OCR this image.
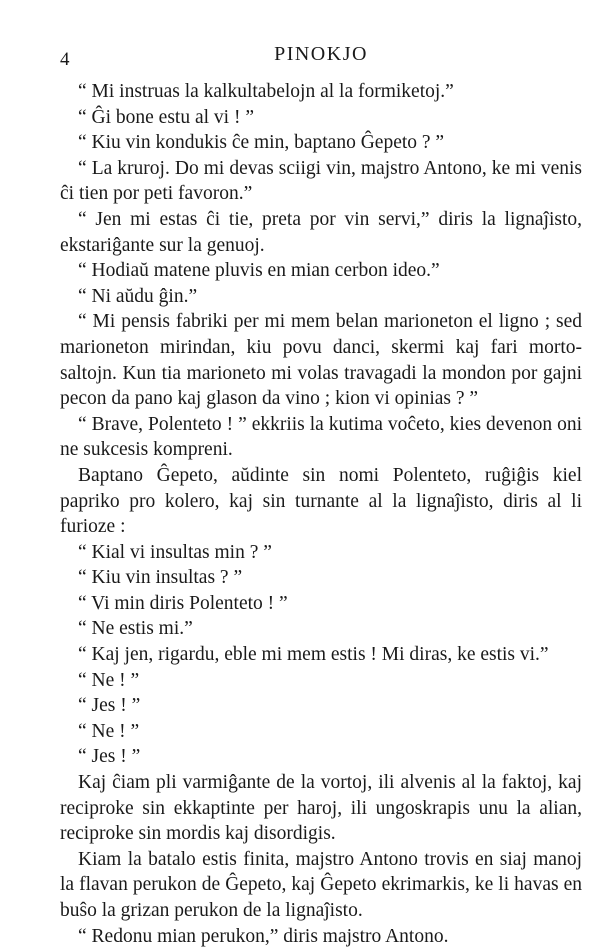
4	PINOKJO

“ Mi instruas la kalkultabelojn al la formiketoj.”

“ Ĝi bone estu al vi ! ”

“ Kiu vin kondukis ĉe min, baptano Ĝepeto ? ”

“ La kruroj. Do mi devas sciigi vin, majstro Antono, ke mi venis ĉi tien por peti favoron.”

“ Jen mi estas ĉi tie, preta por vin servi,” diris la lignaĵisto, ekstariĝante sur la genuoj.

“ Hodiaŭ matene pluvis en mian cerbon ideo.”

“ Ni aŭdu ĝin.”

“ Mi pensis fabriki per mi mem belan marioneton el ligno ; sed marioneton mirindan, kiu povu danci, skermi kaj fari morto-saltojn. Kun tia marioneto mi volas travagadi la mondon por gajni pecon da pano kaj glason da vino ; kion vi opinias ? ”

“ Brave, Polenteto ! ” ekkriis la kutima voĉeto, kies devenon oni ne sukcesis kompreni.

Baptano Ĝepeto, aŭdinte sin nomi Polenteto, ruĝiĝis kiel papriko pro kolero, kaj sin turnante al la lignaĵisto, diris al li furioze :

“ Kial vi insultas min ? ”

“ Kiu vin insultas ? ”

“ Vi min diris Polenteto ! ”

“ Ne estis mi.”

“ Kaj jen, rigardu, eble mi mem estis ! Mi diras, ke estis vi.”

“ Ne ! ”

“ Jes ! ”

“ Ne ! ”

“ Jes ! ”

Kaj ĉiam pli varmiĝante de la vortoj, ili alvenis al la faktoj, kaj reciproke sin ekkaptinte per haroj, ili ungoskrapis unu la alian, reciproke sin mordis kaj disordigis.

Kiam la batalo estis finita, majstro Antono trovis en siaj manoj la flavan perukon de Ĝepeto, kaj Ĝepeto ekrimarkis, ke li havas en buŝo la grizan perukon de la lignaĵisto.

“ Redonu mian perukon,” diris majstro Antono.
